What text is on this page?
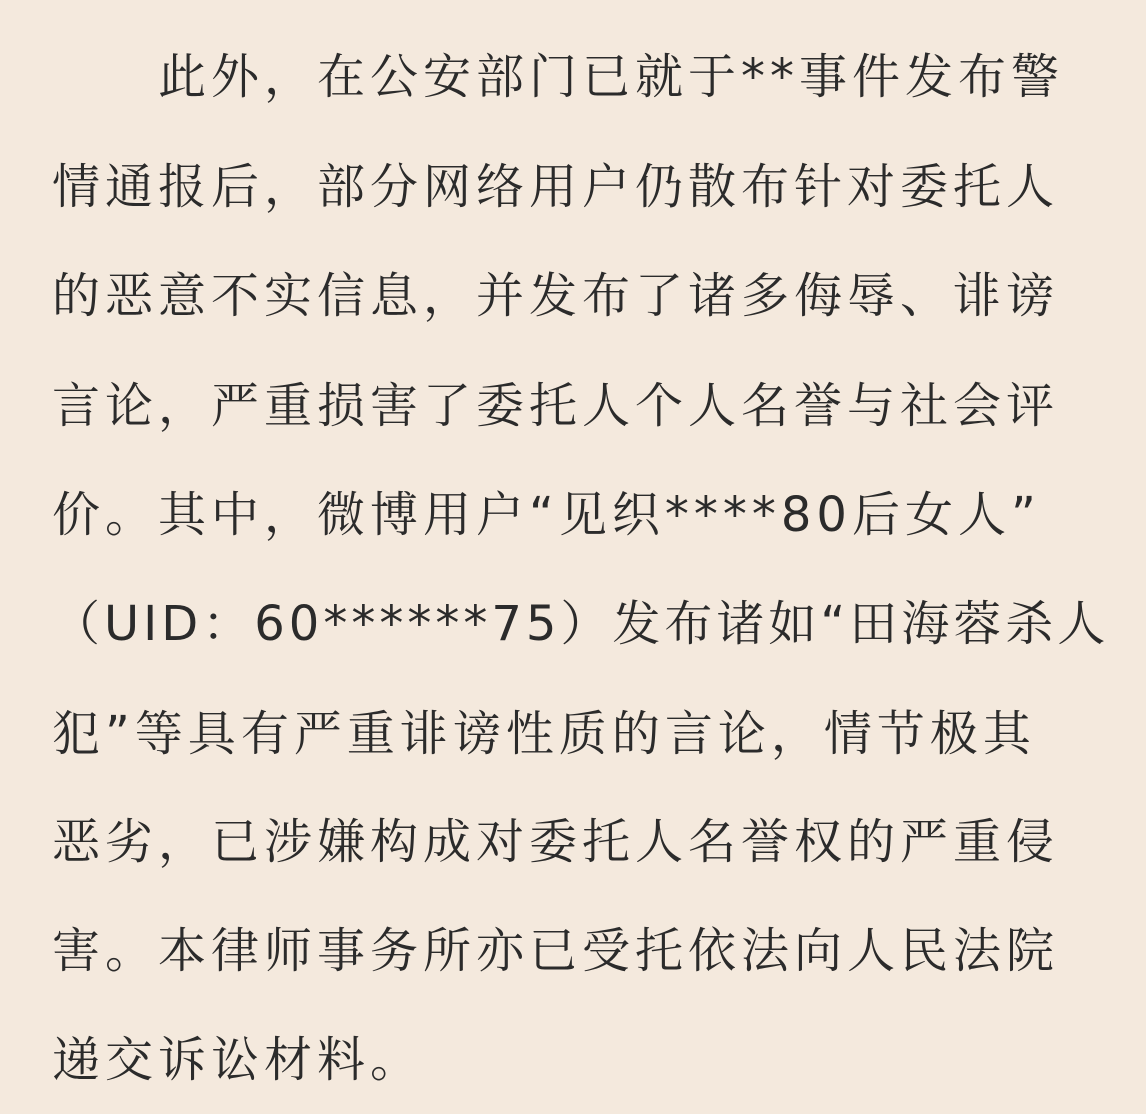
此外，在公安部门已就于**事件发布警
情通报后，部分网络用户仍散布针对委托人
的恶意不实信息，并发布了诸多侮辱、诽谤
言论，严重损害了委托人个人名誉与社会评
价。其中，微博用户“见织****80后女人”
（UID：60******75）发布诸如“田海蓉杀人
犯”等具有严重诽谤性质的言论，情节极其
恶劣，已涉嫌构成对委托人名誉权的严重侵
害。本律师事务所亦已受托依法向人民法院
递交诉讼材料。
